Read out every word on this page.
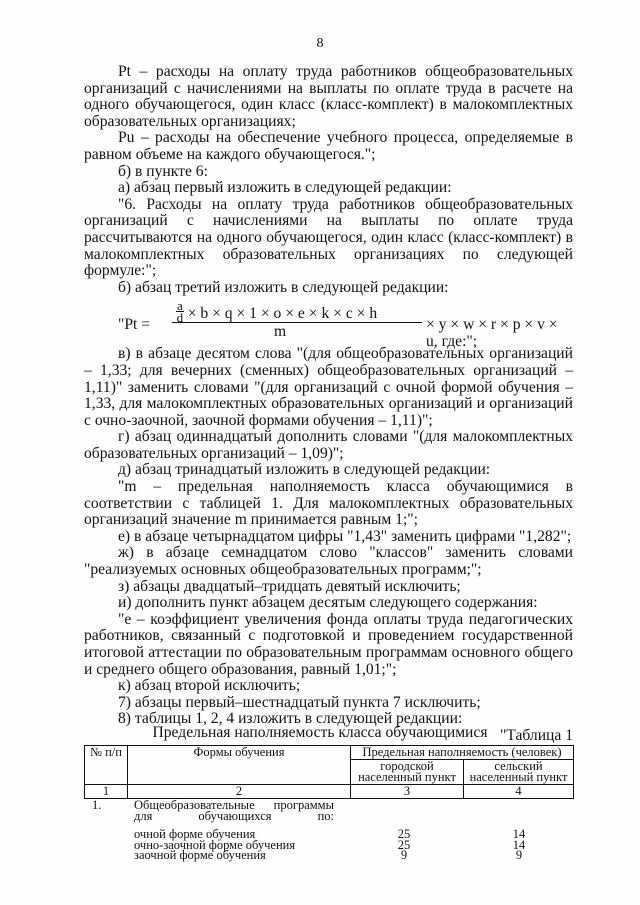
8

Pt – расходы на оплату труда работников общеобразовательных организаций с начислениями на выплаты по оплате труда в расчете на одного обучающегося, один класс (класс-комплект) в малокомплектных образовательных организациях;

Pu – расходы на обеспечение учебного процесса, определяемые в равном объеме на каждого обучающегося.";

б) в пункте 6:

а) абзац первый изложить в следующей редакции:

"6. Расходы на оплату труда работников общеобразовательных организаций с начислениями на выплаты по оплате труда рассчитываются на одного обучающегося, один класс (класс-комплект) в малокомплектных образовательных организациях по следующей формуле:";

б) абзац третий изложить в следующей редакции:

"Pt =
$\frac{a}{d} \times b \times q \times 1 \times o \times e \times k \times c \times h$
m	× y × w × r × p × v × u, где:";

в) в абзаце десятом слова "(для общеобразовательных организаций – 1,33; для вечерних (сменных) общеобразовательных организаций – 1,11)" заменить словами "(для организаций с очной формой обучения – 1,33, для малокомплектных образовательных организаций и организаций с очно-заочной, заочной формами обучения – 1,11)";

г) абзац одиннадцатый дополнить словами "(для малокомплектных образовательных организаций – 1,09)";

д) абзац тринадцатый изложить в следующей редакции:

"m – предельная наполняемость класса обучающимися в соответствии с таблицей 1. Для малокомплектных образовательных организаций значение m принимается равным 1;";

е) в абзаце четырнадцатом цифры "1,43" заменить цифрами "1,282";

ж) в абзаце семнадцатом слово "классов" заменить словами "реализуемых основных общеобразовательных программ;";

з) абзацы двадцатый–тридцать девятый исключить;

и) дополнить пункт абзацем десятым следующего содержания:

"e – коэффициент увеличения фонда оплаты труда педагогических работников, связанный с подготовкой и проведением государственной итоговой аттестации по образовательным программам основного общего и среднего общего образования, равный 1,01;";

к) абзац второй исключить;

7) абзацы первый–шестнадцатый пункта 7 исключить;

8) таблицы 1, 2, 4 изложить в следующей редакции:

"Таблица 1

Предельная наполняемость класса обучающимися
№ п/п	Формы обучения	Предельная наполняемость (человек)	
		городской населенный пункт	сельский населенный пункт
1	2	3	4
1.	Общеобразовательные программы для обучающихся по:
очной форме обучения	25	14
очно-заочной форме обучения	25	14
заочной форме обучения	9	9
